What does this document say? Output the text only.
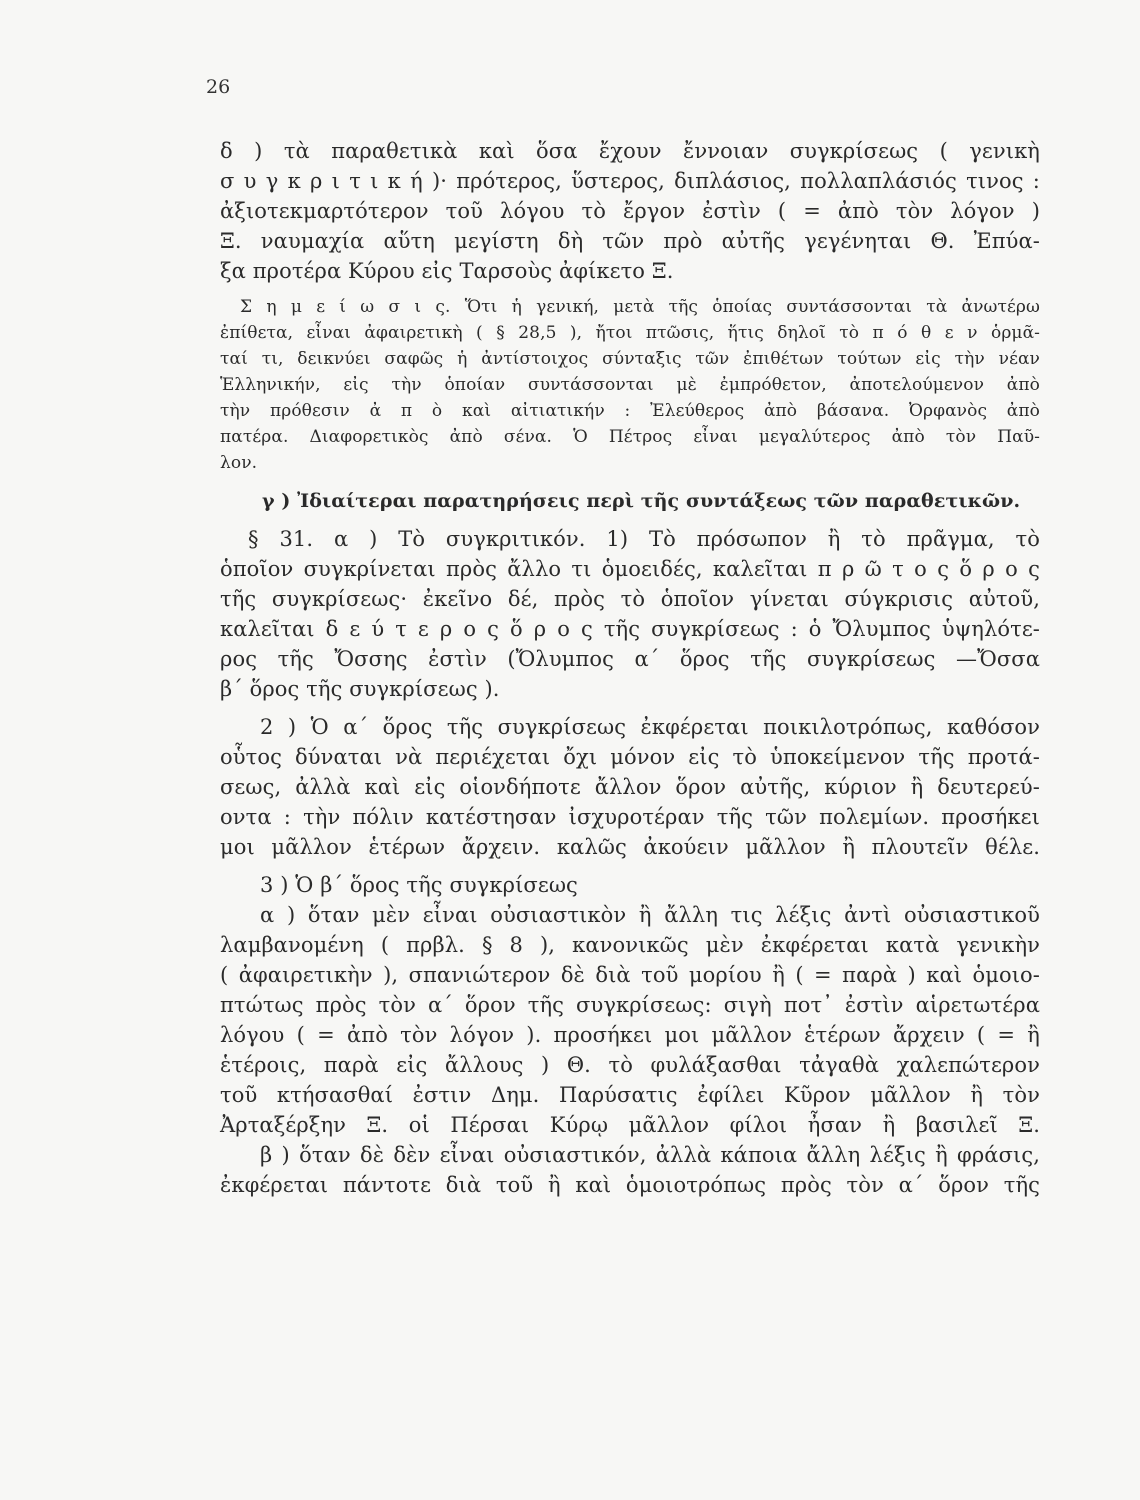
26
δ ) τὰ παραθετικὰ καὶ ὅσα ἔχουν ἔννοιαν συγκρίσεως ( γενικὴ
σ υ γ κ ρ ι τ ι κ ή )· πρότερος, ὕστερος, διπλάσιος, πολλαπλάσιός τινος :
ἀξιοτεκμαρτότερον τοῦ λόγου τὸ ἔργον ἐστὶν ( = ἀπὸ τὸν λόγον )
Ξ. ναυμαχία αὕτη μεγίστη δὴ τῶν πρὸ αὐτῆς γεγένηται Θ. Ἐπύα-
ξα προτέρα Κύρου εἰς Ταρσοὺς ἀφίκετο Ξ.
Σ η μ ε ί ω σ ι ς. Ὅτι ἡ γενική, μετὰ τῆς ὁποίας συντάσσονται τὰ ἀνωτέρω
ἐπίθετα, εἶναι ἀφαιρετικὴ ( § 28,5 ), ἤτοι πτῶσις, ἥτις δηλοῖ τὸ π ό θ ε ν ὁρμᾶ-
ταί τι, δεικνύει σαφῶς ἡ ἀντίστοιχος σύνταξις τῶν ἐπιθέτων τούτων εἰς τὴν νέαν
Ἑλληνικήν, εἰς τὴν ὁποίαν συντάσσονται μὲ ἐμπρόθετον, ἀποτελούμενον ἀπὸ
τὴν πρόθεσιν ἀ π ὸ καὶ αἰτιατικήν : Ἐλεύθερος ἀπὸ βάσανα. Ὀρφανὸς ἀπὸ
πατέρα. Διαφορετικὸς ἀπὸ σένα. Ὁ Πέτρος εἶναι μεγαλύτερος ἀπὸ τὸν Παῦ-
λον.
γ ) Ἰδιαίτεραι παρατηρήσεις περὶ τῆς συντάξεως τῶν παραθετικῶν.
§ 31. α ) Τὸ συγκριτικόν. 1) Τὸ πρόσωπον ἢ τὸ πρᾶγμα, τὸ
ὁποῖον συγκρίνεται πρὸς ἄλλο τι ὁμοειδές, καλεῖται π ρ ῶ τ ο ς ὅ ρ ο ς
τῆς συγκρίσεως· ἐκεῖνο δέ, πρὸς τὸ ὁποῖον γίνεται σύγκρισις αὐτοῦ,
καλεῖται δ ε ύ τ ε ρ ο ς ὅ ρ ο ς τῆς συγκρίσεως : ὁ Ὄλυμπος ὑψηλότε-
ρος τῆς Ὄσσης ἐστὶν (Ὄλυμπος α΄ ὅρος τῆς συγκρίσεως —Ὄσσα
β΄ ὅρος τῆς συγκρίσεως ).
2 ) Ὁ α΄ ὅρος τῆς συγκρίσεως ἐκφέρεται ποικιλοτρόπως, καθόσον
οὗτος δύναται νὰ περιέχεται ὄχι μόνον εἰς τὸ ὑποκείμενον τῆς προτά-
σεως, ἀλλὰ καὶ εἰς οἱονδήποτε ἄλλον ὅρον αὐτῆς, κύριον ἢ δευτερεύ-
οντα : τὴν πόλιν κατέστησαν ἰσχυροτέραν τῆς τῶν πολεμίων. προσήκει
μοι μᾶλλον ἑτέρων ἄρχειν. καλῶς ἀκούειν μᾶλλον ἢ πλουτεῖν θέλε.
3 ) Ὁ β΄ ὅρος τῆς συγκρίσεως
α ) ὅταν μὲν εἶναι οὐσιαστικὸν ἢ ἄλλη τις λέξις ἀντὶ οὐσιαστικοῦ
λαμβανομένη ( πρβλ. § 8 ), κανονικῶς μὲν ἐκφέρεται κατὰ γενικὴν
( ἀφαιρετικὴν ), σπανιώτερον δὲ διὰ τοῦ μορίου ἢ ( = παρὰ ) καὶ ὁμοιο-
πτώτως πρὸς τὸν α΄ ὅρον τῆς συγκρίσεως: σιγὴ ποτ᾽ ἐστὶν αἱρετωτέρα
λόγου ( = ἀπὸ τὸν λόγον ). προσήκει μοι μᾶλλον ἑτέρων ἄρχειν ( = ἢ
ἑτέροις, παρὰ εἰς ἄλλους ) Θ. τὸ φυλάξασθαι τἀγαθὰ χαλεπώτερον
τοῦ κτήσασθαί ἐστιν Δημ. Παρύσατις ἐφίλει Κῦρον μᾶλλον ἢ τὸν
Ἀρταξέρξην Ξ. οἱ Πέρσαι Κύρῳ μᾶλλον φίλοι ἦσαν ἢ βασιλεῖ Ξ.
β ) ὅταν δὲ δὲν εἶναι οὐσιαστικόν, ἀλλὰ κάποια ἄλλη λέξις ἢ φράσις,
ἐκφέρεται πάντοτε διὰ τοῦ ἢ καὶ ὁμοιοτρόπως πρὸς τὸν α΄ ὅρον τῆς
